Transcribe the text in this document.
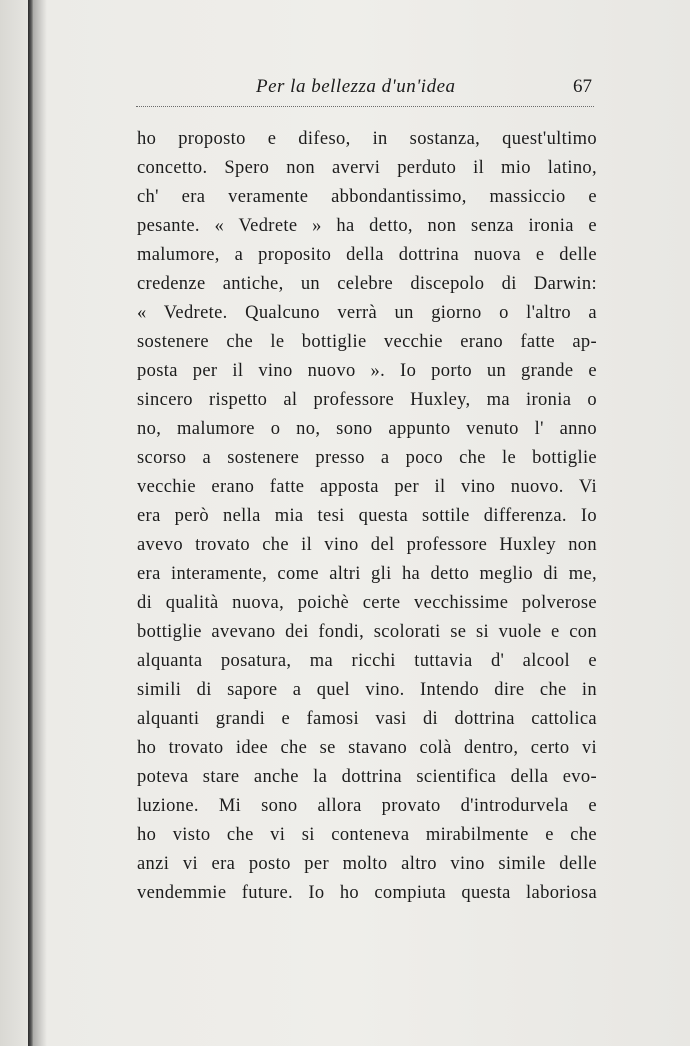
Per la bellezza d'un'idea	67
ho proposto e difeso, in sostanza, quest'ultimo
concetto. Spero non avervi perduto il mio latino,
ch' era veramente abbondantissimo, massiccio e
pesante. « Vedrete » ha detto, non senza ironia e
malumore, a proposito della dottrina nuova e delle
credenze antiche, un celebre discepolo di Darwin:
« Vedrete. Qualcuno verrà un giorno o l'altro a
sostenere che le bottiglie vecchie erano fatte ap-
posta per il vino nuovo ». Io porto un grande e
sincero rispetto al professore Huxley, ma ironia o
no, malumore o no, sono appunto venuto l' anno
scorso a sostenere presso a poco che le bottiglie
vecchie erano fatte apposta per il vino nuovo. Vi
era però nella mia tesi questa sottile differenza. Io
avevo trovato che il vino del professore Huxley non
era interamente, come altri gli ha detto meglio di me,
di qualità nuova, poichè certe vecchissime polverose
bottiglie avevano dei fondi, scolorati se si vuole e con
alquanta posatura, ma ricchi tuttavia d' alcool e
simili di sapore a quel vino. Intendo dire che in
alquanti grandi e famosi vasi di dottrina cattolica
ho trovato idee che se stavano colà dentro, certo vi
poteva stare anche la dottrina scientifica della evo-
luzione. Mi sono allora provato d'introdurvela e
ho visto che vi si conteneva mirabilmente e che
anzi vi era posto per molto altro vino simile delle
vendemmie future. Io ho compiuta questa laboriosa
